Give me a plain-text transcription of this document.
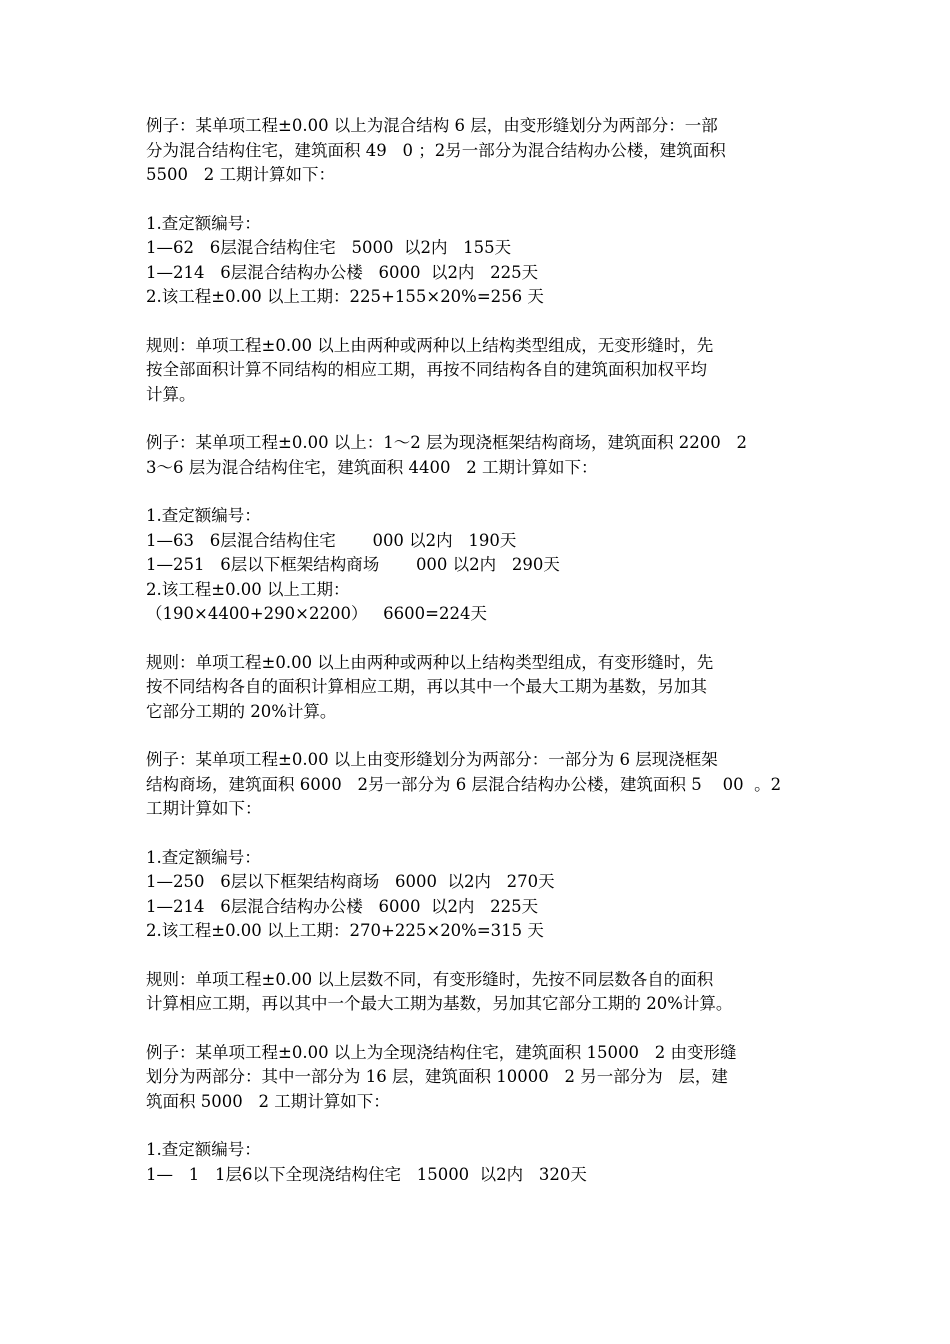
例子：某单项工程±0.00 以上为混合结构 6 层，由变形缝划分为两部分：一部
分为混合结构住宅，建筑面积 49   0 ；2另一部分为混合结构办公楼，建筑面积
5500   2 工期计算如下：
1.查定额编号：
1—62   6层混合结构住宅   5000  以2内   155天
1—214   6层混合结构办公楼   6000  以2内   225天
2.该工程±0.00 以上工期：225+155×20%=256 天
规则：单项工程±0.00 以上由两种或两种以上结构类型组成，无变形缝时，先
按全部面积计算不同结构的相应工期，再按不同结构各自的建筑面积加权平均
计算。
例子：某单项工程±0.00 以上：1～2 层为现浇框架结构商场，建筑面积 2200   2
3～6 层为混合结构住宅，建筑面积 4400   2 工期计算如下：
1.查定额编号：
1—63   6层混合结构住宅       000 以2内   190天
1—251   6层以下框架结构商场       000 以2内   290天
2.该工程±0.00 以上工期：
（190×4400+290×2200）   6600=224天
规则：单项工程±0.00 以上由两种或两种以上结构类型组成，有变形缝时，先
按不同结构各自的面积计算相应工期，再以其中一个最大工期为基数，另加其
它部分工期的 20%计算。
例子：某单项工程±0.00 以上由变形缝划分为两部分：一部分为 6 层现浇框架
结构商场，建筑面积 6000   2另一部分为 6 层混合结构办公楼，建筑面积 5    00  。2
工期计算如下：
1.查定额编号：
1—250   6层以下框架结构商场   6000  以2内   270天
1—214   6层混合结构办公楼   6000  以2内   225天
2.该工程±0.00 以上工期：270+225×20%=315 天
规则：单项工程±0.00 以上层数不同，有变形缝时，先按不同层数各自的面积
计算相应工期，再以其中一个最大工期为基数，另加其它部分工期的 20%计算。
例子：某单项工程±0.00 以上为全现浇结构住宅，建筑面积 15000   2 由变形缝
划分为两部分：其中一部分为 16 层，建筑面积 10000   2 另一部分为   层，建
筑面积 5000   2 工期计算如下：
1.查定额编号：
1—   1   1层6以下全现浇结构住宅   15000  以2内   320天
